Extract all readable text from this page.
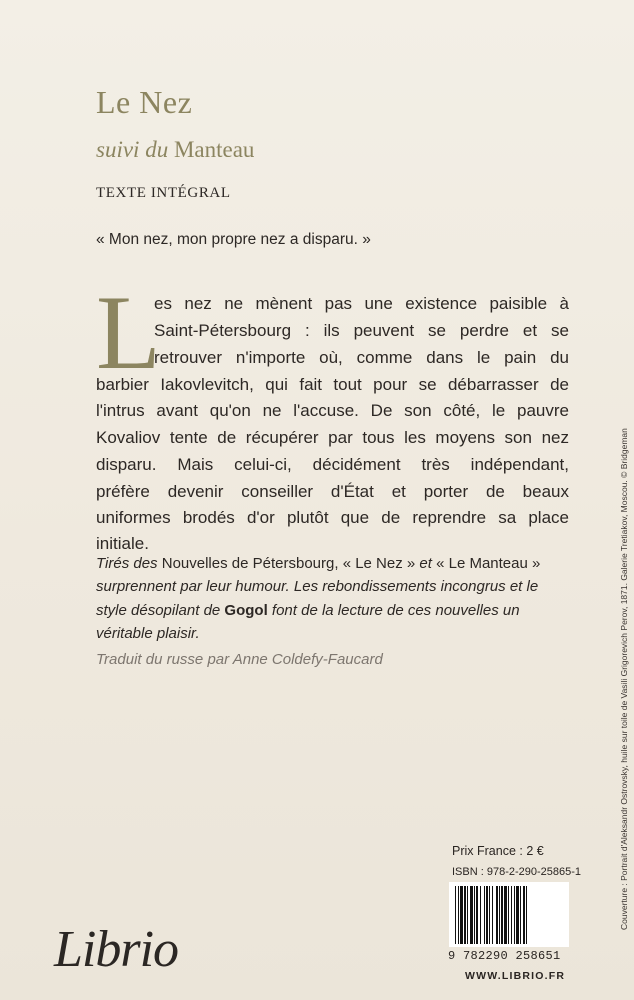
Le Nez
suivi du Manteau
TEXTE INTÉGRAL
« Mon nez, mon propre nez a disparu. »
L
es nez ne mènent pas une existence paisible à
Saint-Pétersbourg : ils peuvent se perdre et se
retrouver n'importe où, comme dans le pain du
barbier Iakovlevitch, qui fait tout pour se débarrasser de
l'intrus avant qu'on ne l'accuse. De son côté, le pauvre
Kovaliov tente de récupérer par tous les moyens son nez
disparu. Mais celui-ci, décidément très indépendant,
préfère devenir conseiller d'État et porter de beaux
uniformes brodés d'or plutôt que de reprendre sa place
initiale.
Tirés des Nouvelles de Pétersbourg, « Le Nez » et « Le Manteau » surprennent par leur humour. Les rebondissements incongrus et le style désopilant de Gogol font de la lecture de ces nouvelles un véritable plaisir.
Traduit du russe par Anne Coldefy-Faucard	Couverture : Portrait d'Aleksandr Ostrovsky, huile sur toile de Vasili Grigorevich Perov, 1871. Galerie Tretiakov, Moscou. © Bridgeman
Librio
Prix France : 2 €
ISBN : 978-2-290-25865-1
9 782290 258651
WWW.LIBRIO.FR
